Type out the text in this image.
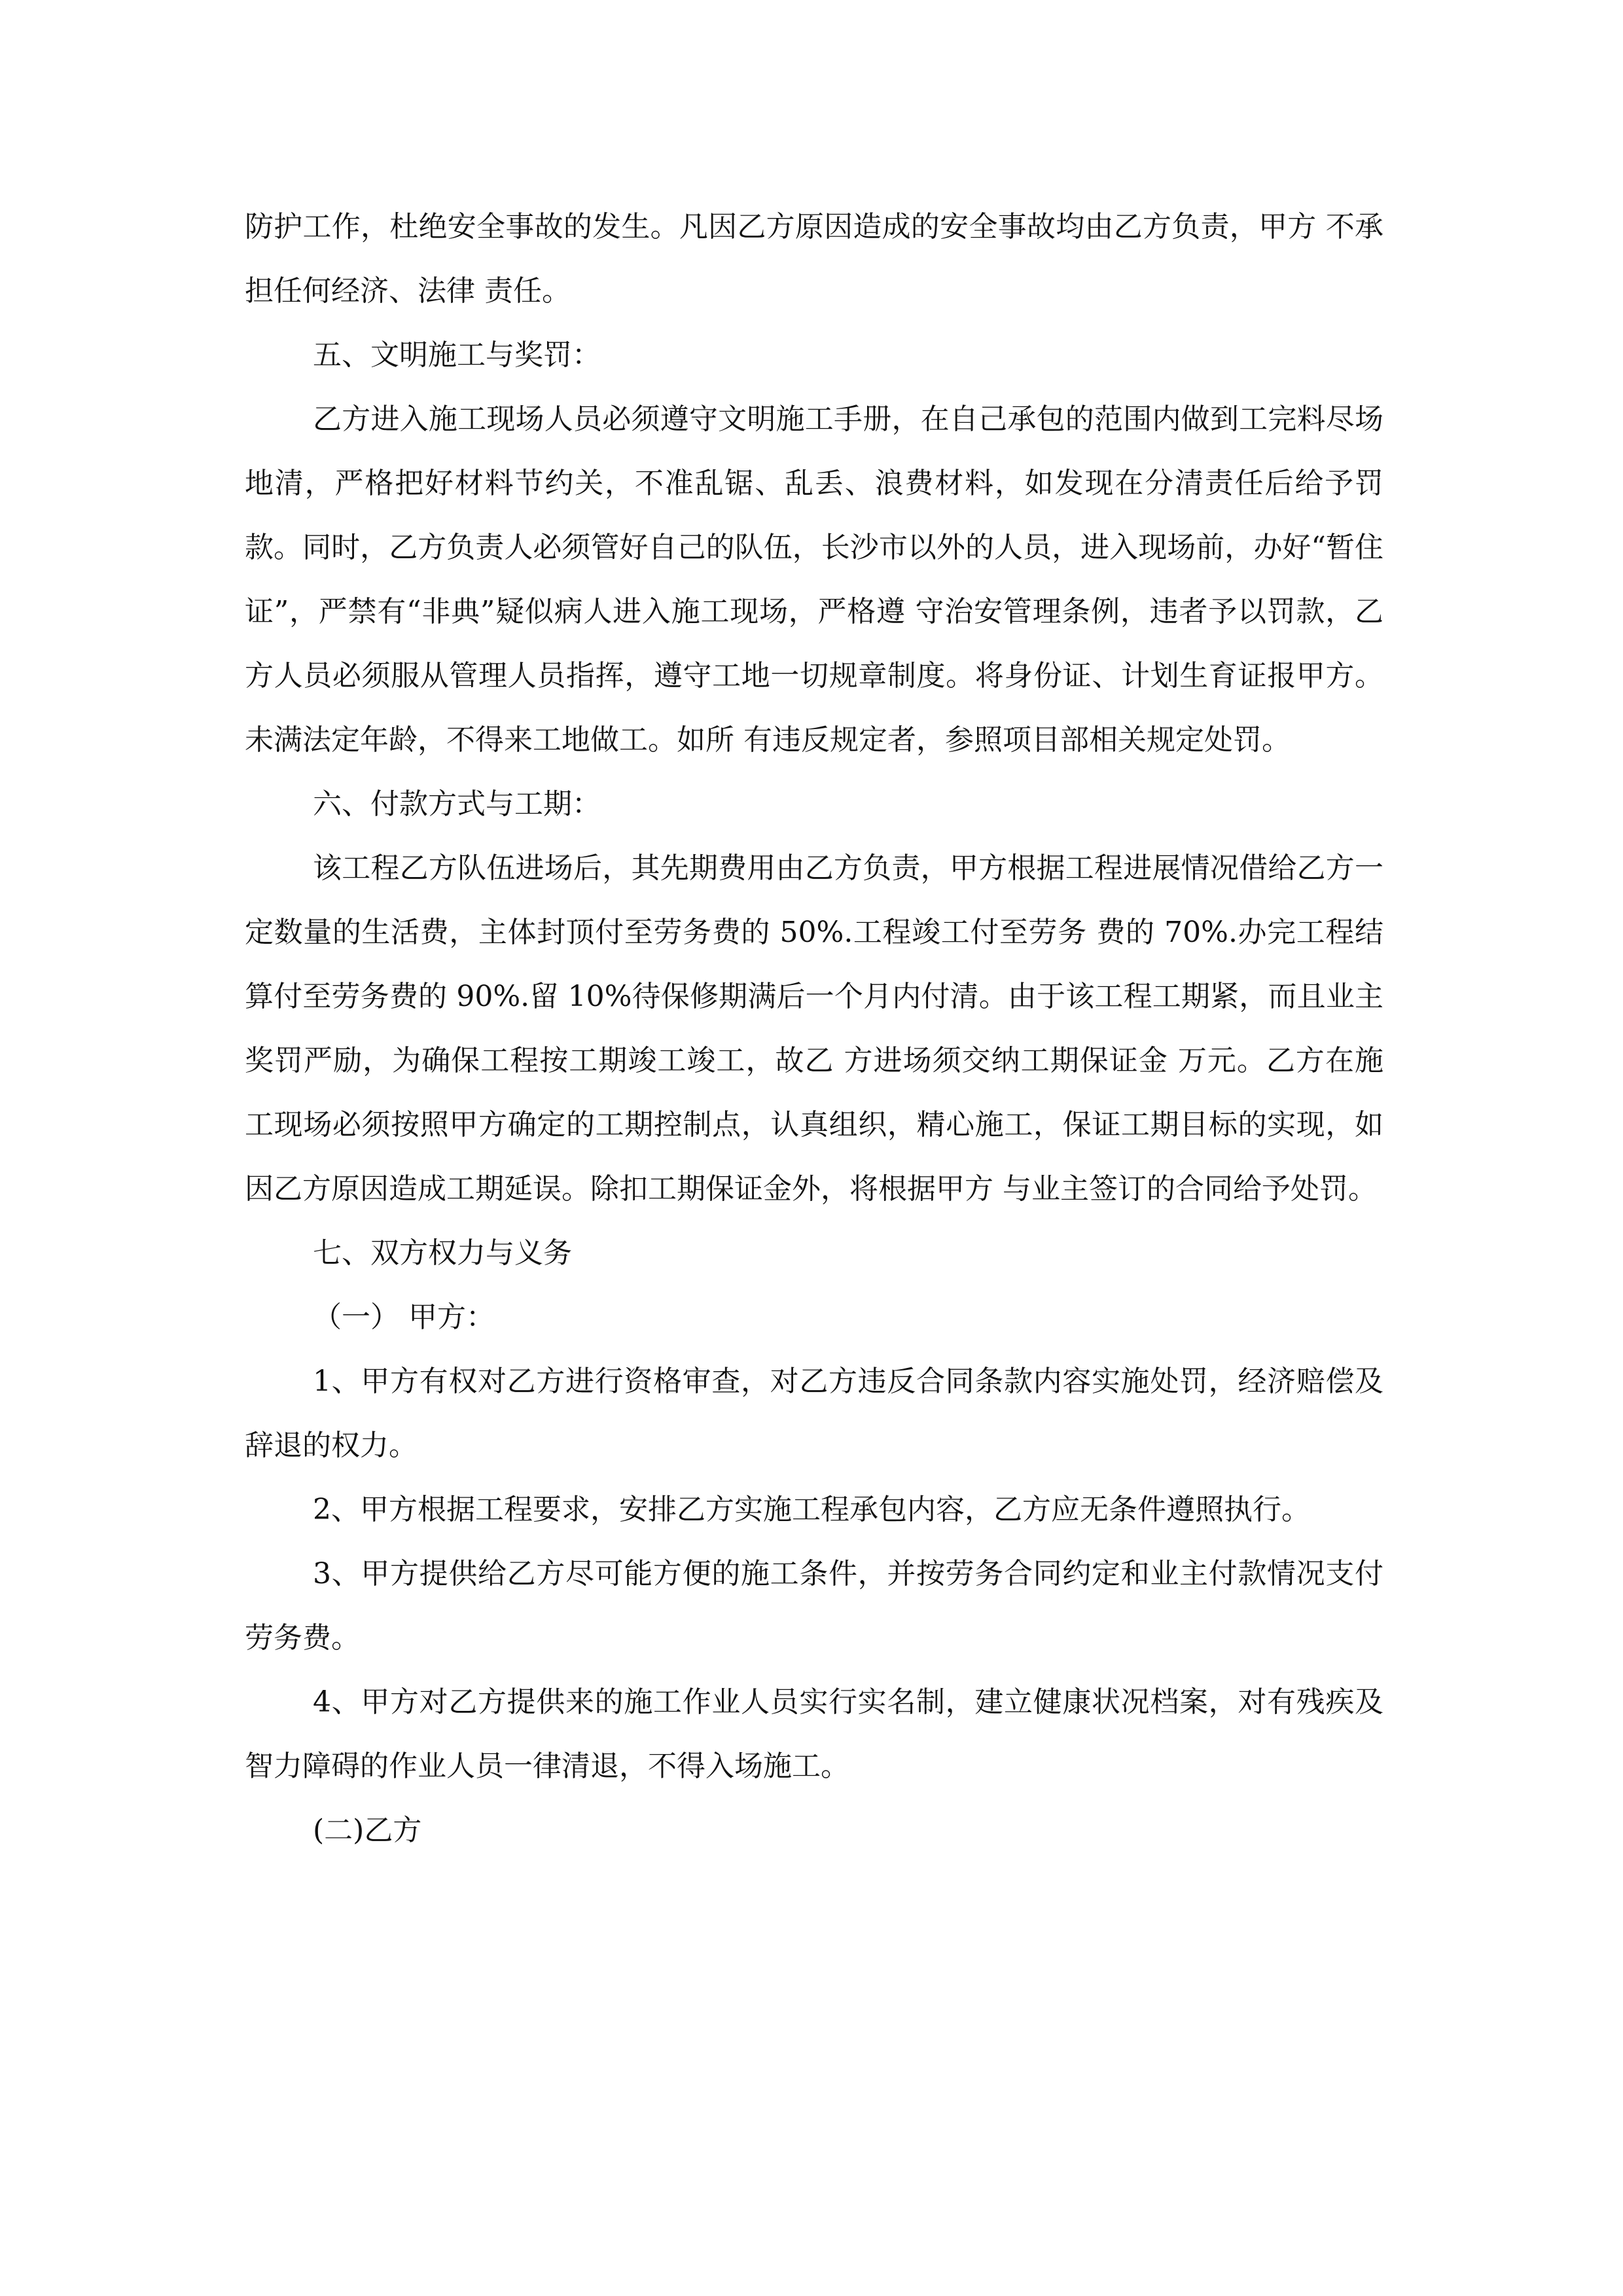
防护工作，杜绝安全事故的发生。凡因乙方原因造成的安全事故均由乙方负责，甲方 不承担任何经济、法律 责任。

五、文明施工与奖罚：

乙方进入施工现场人员必须遵守文明施工手册，在自己承包的范围内做到工完料尽场地清，严格把好材料节约关，不准乱锯、乱丢、浪费材料，如发现在分清责任后给予罚款。同时，乙方负责人必须管好自己的队伍，长沙市以外的人员，进入现场前，办好“暂住证”，严禁有“非典”疑似病人进入施工现场，严格遵 守治安管理条例，违者予以罚款，乙方人员必须服从管理人员指挥，遵守工地一切规章制度。将身份证、计划生育证报甲方。未满法定年龄，不得来工地做工。如所 有违反规定者，参照项目部相关规定处罚。

六、付款方式与工期：

该工程乙方队伍进场后，其先期费用由乙方负责，甲方根据工程进展情况借给乙方一定数量的生活费，主体封顶付至劳务费的 50%.工程竣工付至劳务 费的 70%.办完工程结算付至劳务费的 90%.留 10%待保修期满后一个月内付清。由于该工程工期紧，而且业主奖罚严励，为确保工程按工期竣工竣工，故乙 方进场须交纳工期保证金 万元。乙方在施工现场必须按照甲方确定的工期控制点，认真组织，精心施工，保证工期目标的实现，如因乙方原因造成工期延误。除扣工期保证金外，将根据甲方 与业主签订的合同给予处罚。

七、双方权力与义务

（一） 甲方：

1、甲方有权对乙方进行资格审查，对乙方违反合同条款内容实施处罚，经济赔偿及辞退的权力。

2、甲方根据工程要求，安排乙方实施工程承包内容，乙方应无条件遵照执行。

3、甲方提供给乙方尽可能方便的施工条件，并按劳务合同约定和业主付款情况支付劳务费。

4、甲方对乙方提供来的施工作业人员实行实名制，建立健康状况档案，对有残疾及智力障碍的作业人员一律清退，不得入场施工。

(二)乙方
